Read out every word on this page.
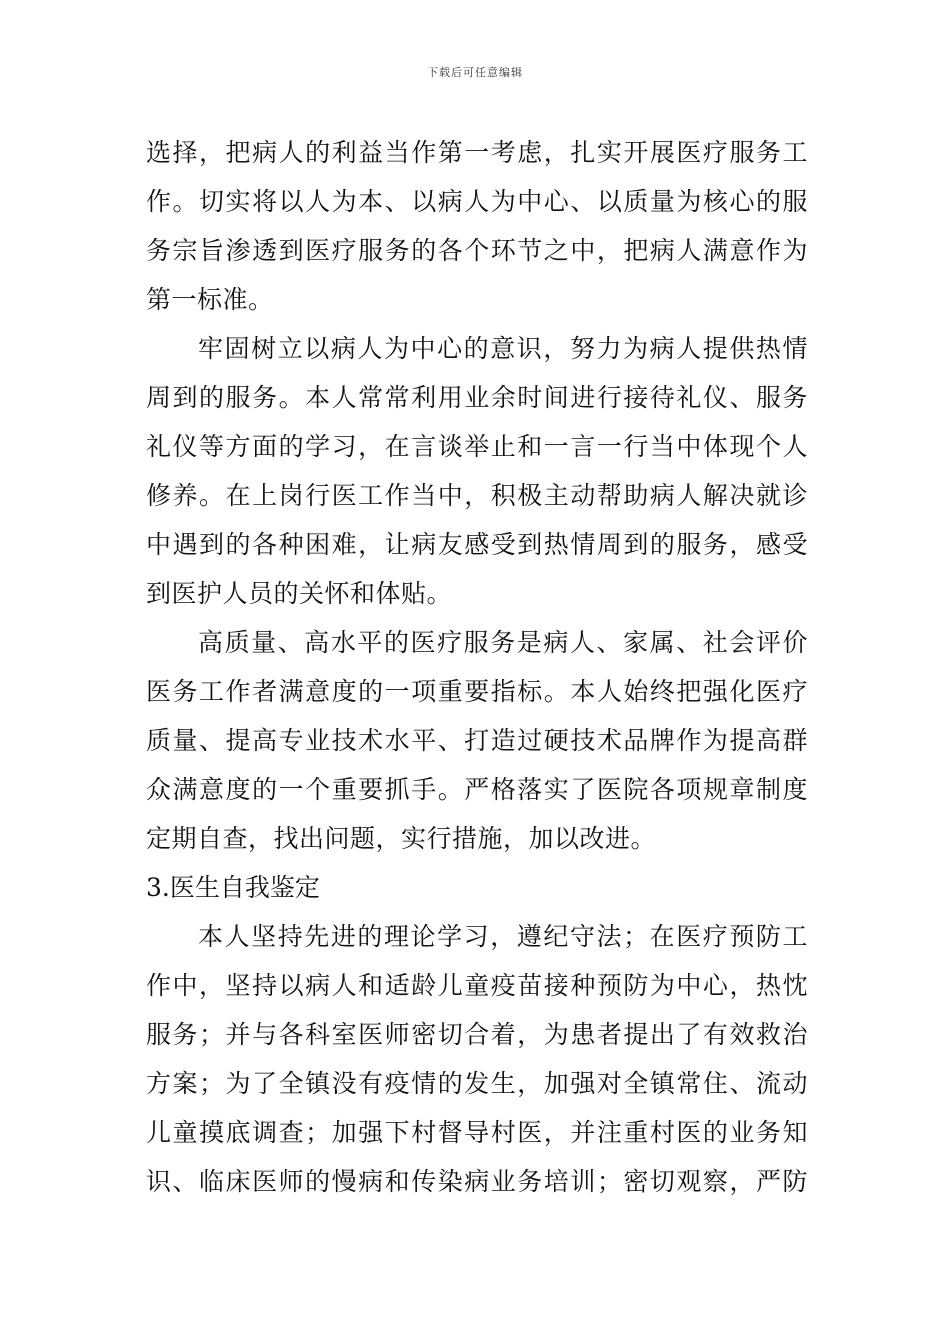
下载后可任意编辑
选择，把病人的利益当作第一考虑，扎实开展医疗服务工
作。切实将以人为本、以病人为中心、以质量为核心的服
务宗旨渗透到医疗服务的各个环节之中，把病人满意作为
第一标准。
牢固树立以病人为中心的意识，努力为病人提供热情
周到的服务。本人常常利用业余时间进行接待礼仪、服务
礼仪等方面的学习，在言谈举止和一言一行当中体现个人
修养。在上岗行医工作当中，积极主动帮助病人解决就诊
中遇到的各种困难，让病友感受到热情周到的服务，感受
到医护人员的关怀和体贴。
高质量、高水平的医疗服务是病人、家属、社会评价
医务工作者满意度的一项重要指标。本人始终把强化医疗
质量、提高专业技术水平、打造过硬技术品牌作为提高群
众满意度的一个重要抓手。严格落实了医院各项规章制度
定期自查，找出问题，实行措施，加以改进。
3.医生自我鉴定
本人坚持先进的理论学习，遵纪守法；在医疗预防工
作中，坚持以病人和适龄儿童疫苗接种预防为中心，热忱
服务；并与各科室医师密切合着，为患者提出了有效救治
方案；为了全镇没有疫情的发生，加强对全镇常住、流动
儿童摸底调查；加强下村督导村医，并注重村医的业务知
识、临床医师的慢病和传染病业务培训；密切观察，严防
